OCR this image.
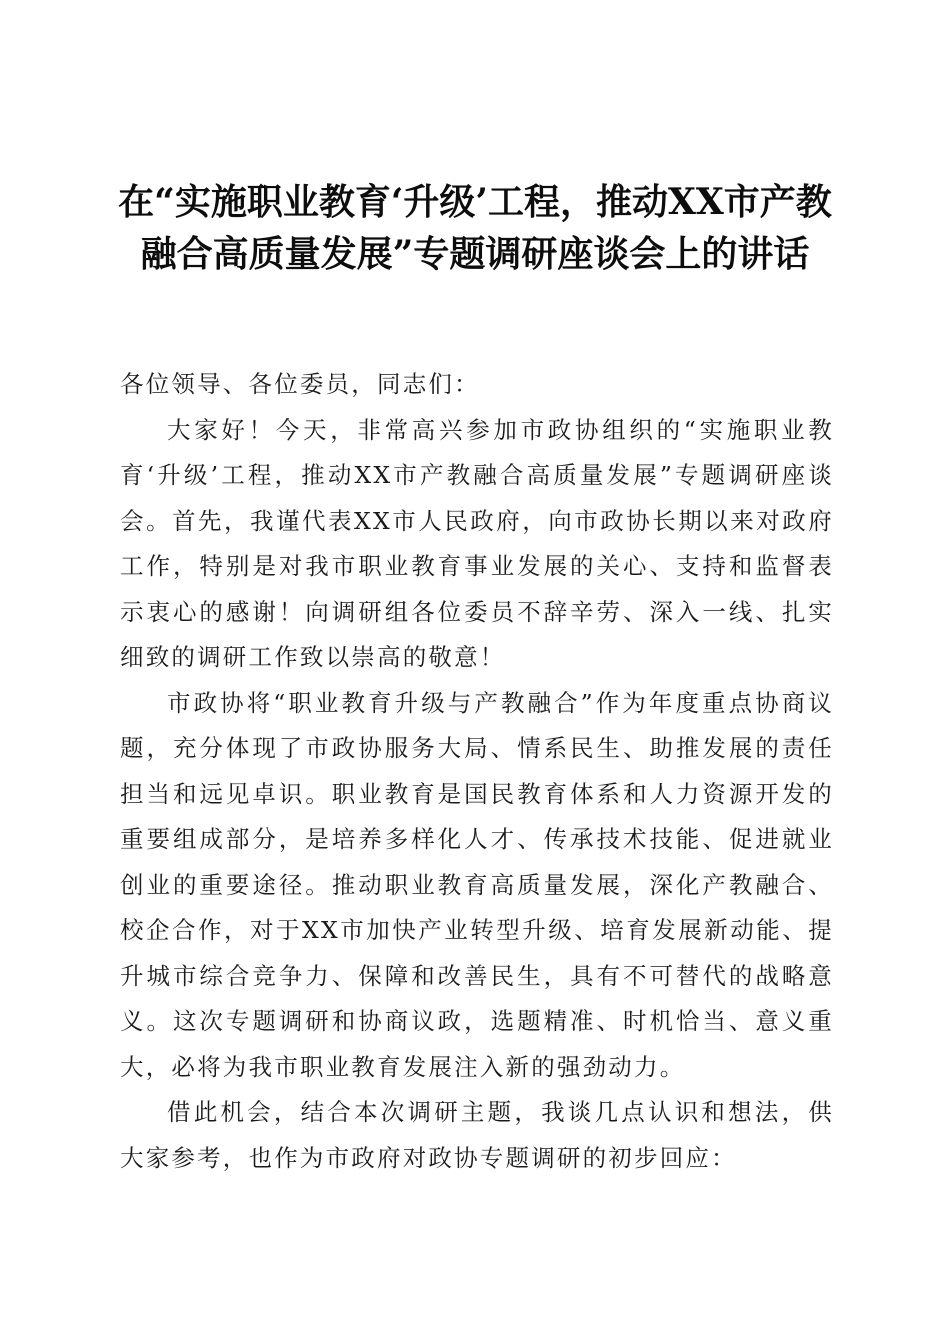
在“实施职业教育‘升级’工程，推动XX市产教融合高质量发展”专题调研座谈会上的讲话

各位领导、各位委员，同志们：

大家好！今天，非常高兴参加市政协组织的“实施职业教育‘升级’工程，推动XX市产教融合高质量发展”专题调研座谈会。首先，我谨代表XX市人民政府，向市政协长期以来对政府工作，特别是对我市职业教育事业发展的关心、支持和监督表示衷心的感谢！向调研组各位委员不辞辛劳、深入一线、扎实细致的调研工作致以崇高的敬意！

市政协将“职业教育升级与产教融合”作为年度重点协商议题，充分体现了市政协服务大局、情系民生、助推发展的责任担当和远见卓识。职业教育是国民教育体系和人力资源开发的重要组成部分，是培养多样化人才、传承技术技能、促进就业创业的重要途径。推动职业教育高质量发展，深化产教融合、校企合作，对于XX市加快产业转型升级、培育发展新动能、提升城市综合竞争力、保障和改善民生，具有不可替代的战略意义。这次专题调研和协商议政，选题精准、时机恰当、意义重大，必将为我市职业教育发展注入新的强劲动力。

借此机会，结合本次调研主题，我谈几点认识和想法，供大家参考，也作为市政府对政协专题调研的初步回应：
